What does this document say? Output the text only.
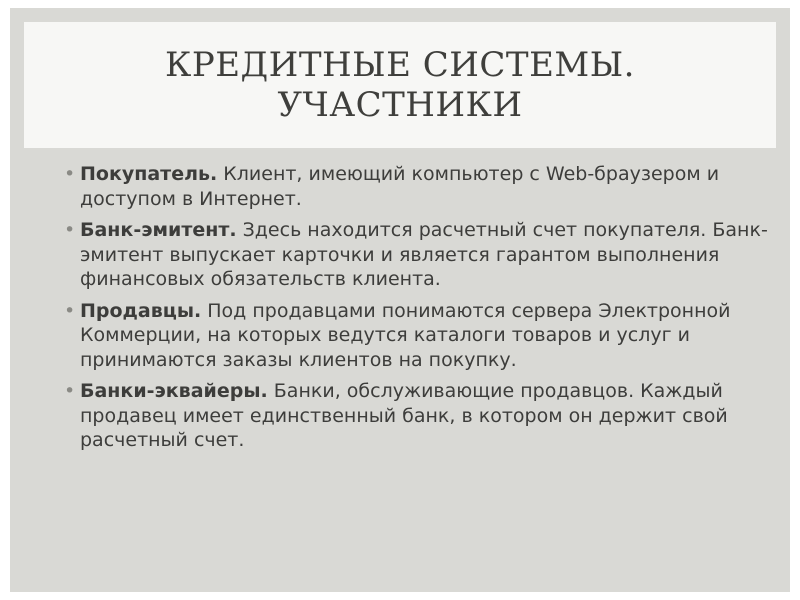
КРЕДИТНЫЕ СИСТЕМЫ.
УЧАСТНИКИ
• Покупатель. Клиент, имеющий компьютер с Web-браузером и доступом в Интернет.
• Банк-эмитент. Здесь находится расчетный счет покупателя. Банк-эмитент выпускает карточки и является гарантом выполнения финансовых обязательств клиента.
• Продавцы. Под продавцами понимаются сервера Электронной Коммерции, на которых ведутся каталоги товаров и услуг и принимаются заказы клиентов на покупку.
• Банки-эквайеры. Банки, обслуживающие продавцов. Каждый продавец имеет единственный банк, в котором он держит свой расчетный счет.
